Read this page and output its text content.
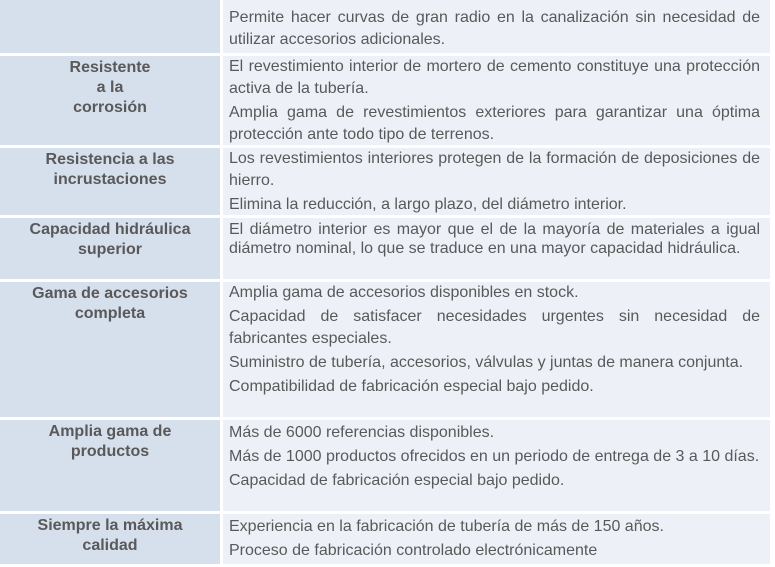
Permite hacer curvas de gran radio en la canalización sin necesidad de utilizar accesorios adicionales.
Resistente a la corrosión
El revestimiento interior de mortero de cemento constituye una protección activa de la tubería.
Amplia gama de revestimientos exteriores para garantizar una óptima protección ante todo tipo de terrenos.
Resistencia a las incrustaciones
Los revestimientos interiores protegen de la formación de deposiciones de hierro.
Elimina la reducción, a largo plazo, del diámetro interior.
Capacidad hidráulica superior
El diámetro interior es mayor que el de la mayoría de materiales a igual diámetro nominal, lo que se traduce en una mayor capacidad hidráulica.
Gama de accesorios completa
Amplia gama de accesorios disponibles en stock.
Capacidad de satisfacer necesidades urgentes sin necesidad de fabricantes especiales.
Suministro de tubería, accesorios, válvulas y juntas de manera conjunta.
Compatibilidad de fabricación especial bajo pedido.
Amplia gama de productos
Más de 6000 referencias disponibles.
Más de 1000 productos ofrecidos en un periodo de entrega de 3 a 10 días.
Capacidad de fabricación especial bajo pedido.
Siempre la máxima calidad
Experiencia en la fabricación de tubería de más de 150 años.
Proceso de fabricación controlado electrónicamente
